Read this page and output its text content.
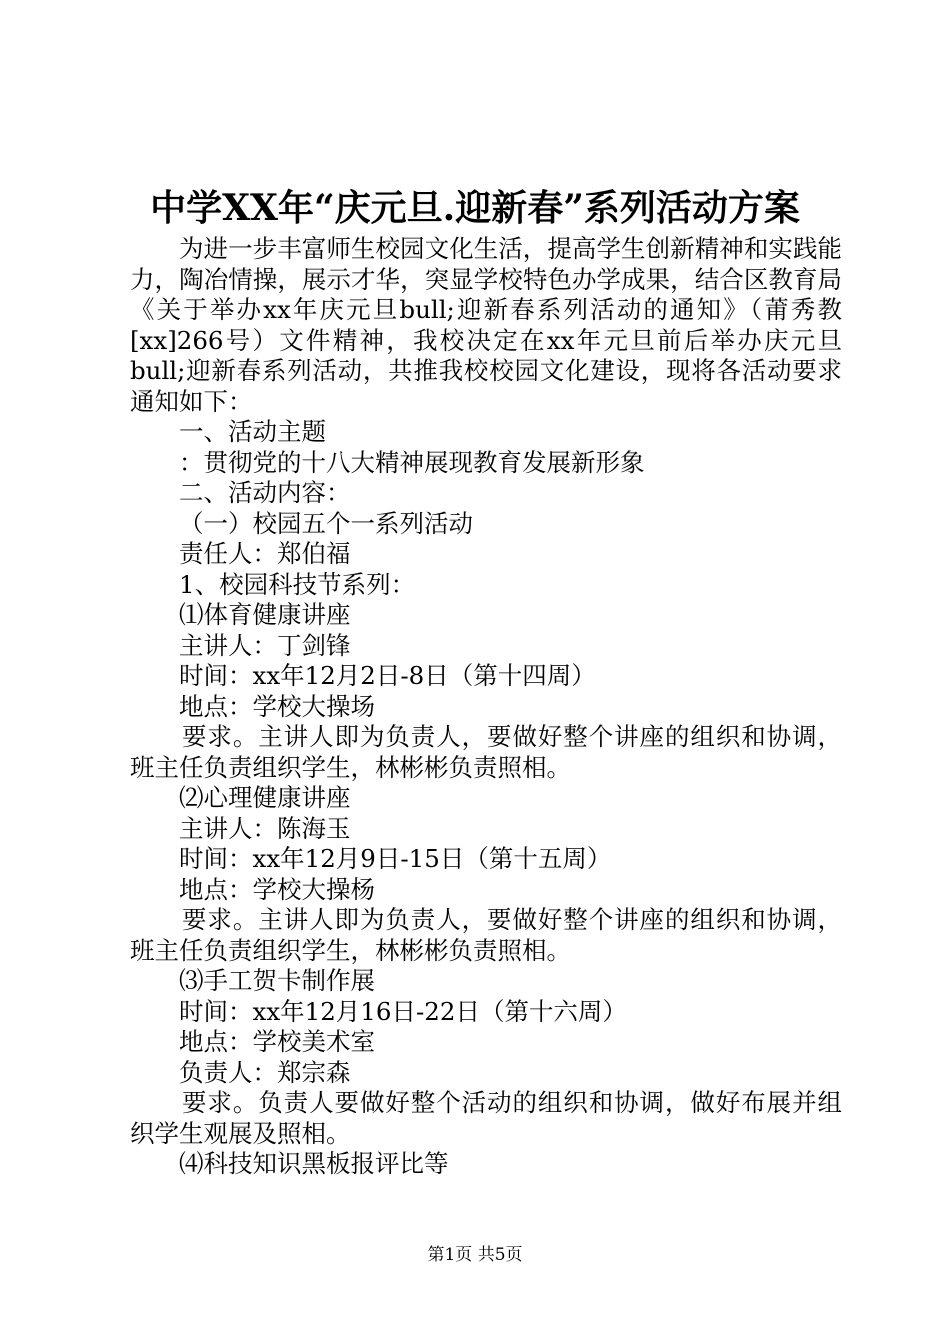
中学XX年“庆元旦.迎新春”系列活动方案

为进一步丰富师生校园文化生活，提高学生创新精神和实践能力，陶冶情操，展示才华，突显学校特色办学成果，结合区教育局《关于举办xx年庆元旦bull;迎新春系列活动的通知》（莆秀教[xx]266号）文件精神，我校决定在xx年元旦前后举办庆元旦bull;迎新春系列活动，共推我校校园文化建设，现将各活动要求通知如下：

一、活动主题

：贯彻党的十八大精神展现教育发展新形象

二、活动内容：

（一）校园五个一系列活动

责任人：郑伯福

1、校园科技节系列：

⑴体育健康讲座

主讲人：丁剑锋

时间：xx年12月2日-8日（第十四周）

地点：学校大操场

要求。主讲人即为负责人，要做好整个讲座的组织和协调，班主任负责组织学生，林彬彬负责照相。

⑵心理健康讲座

主讲人：陈海玉

时间：xx年12月9日-15日（第十五周）

地点：学校大操杨

要求。主讲人即为负责人，要做好整个讲座的组织和协调，班主任负责组织学生，林彬彬负责照相。

⑶手工贺卡制作展

时间：xx年12月16日-22日（第十六周）

地点：学校美术室

负责人：郑宗森

要求。负责人要做好整个活动的组织和协调，做好布展并组织学生观展及照相。

⑷科技知识黑板报评比等

第1页 共5页
